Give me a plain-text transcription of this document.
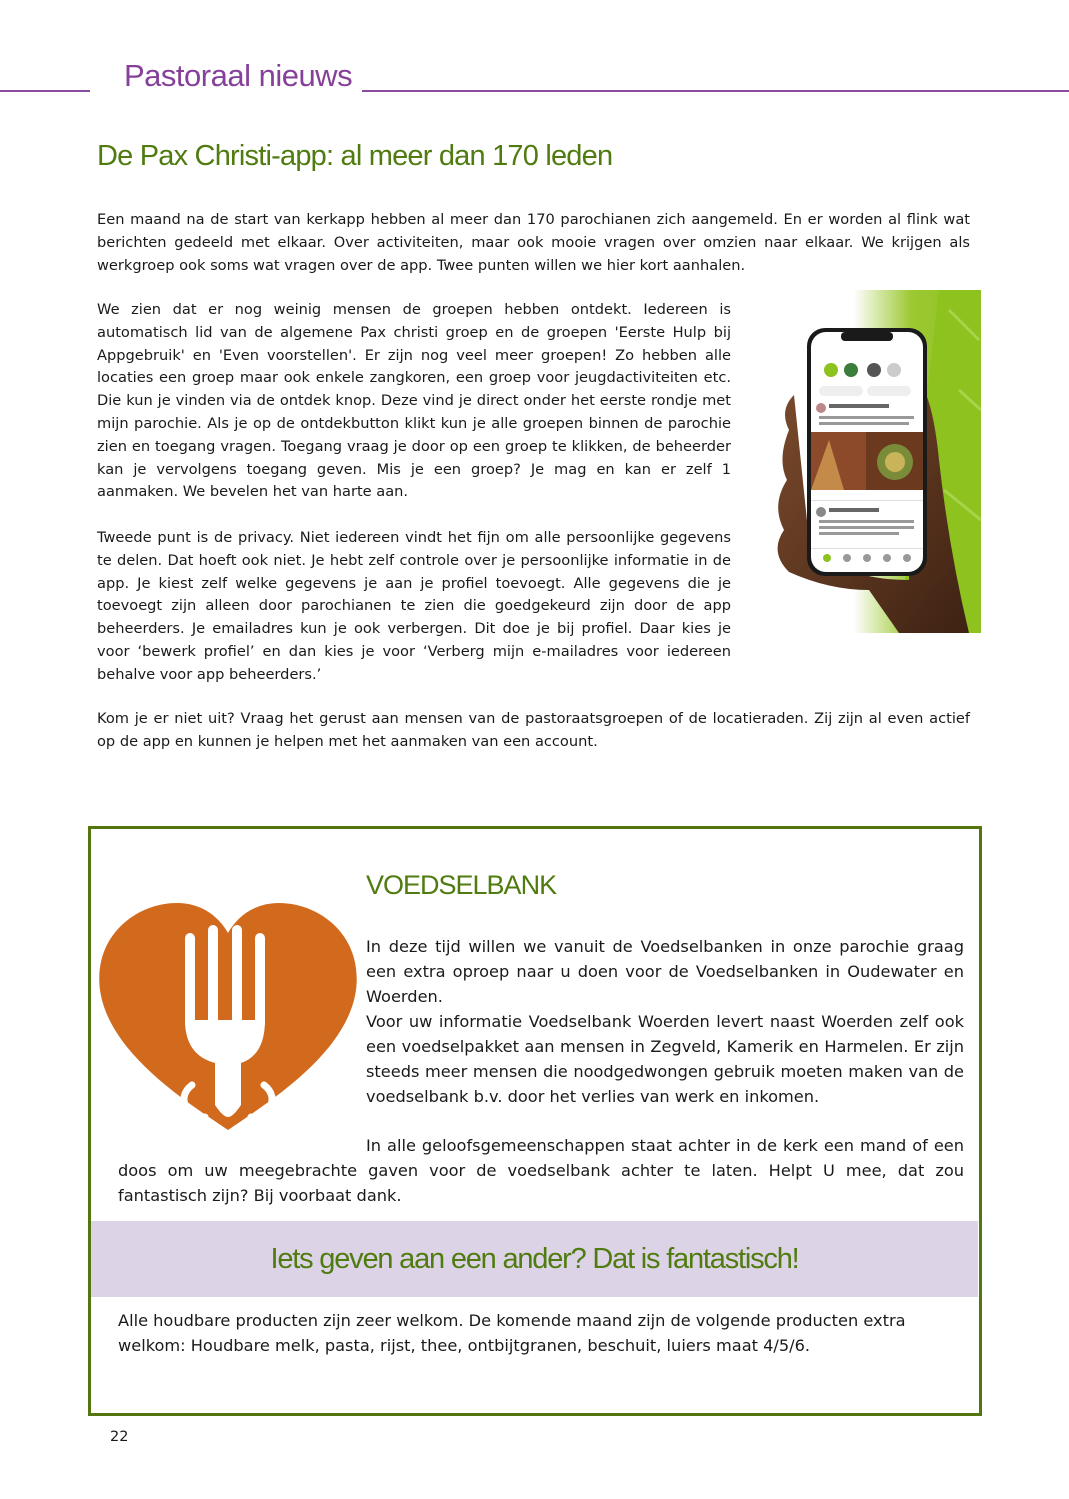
Pastoraal nieuws
De Pax Christi-app: al meer dan 170 leden

Een maand na de start van kerkapp hebben al meer dan 170 parochianen zich aangemeld. En er worden al flink wat berichten gedeeld met elkaar. Over activiteiten, maar ook mooie vragen over omzien naar elkaar. We krijgen als werkgroep ook soms wat vragen over de app. Twee punten willen we hier kort aanhalen.

We zien dat er nog weinig mensen de groepen hebben ontdekt. Iedereen is automatisch lid van de algemene Pax christi groep en de groepen 'Eerste Hulp bij Appgebruik' en 'Even voorstellen'. Er zijn nog veel meer groepen! Zo hebben alle locaties een groep maar ook enkele zangkoren, een groep voor jeugdactiviteiten etc. Die kun je vinden via de ontdek knop. Deze vind je direct onder het eerste rondje met mijn parochie. Als je op de ontdekbutton klikt kun je alle groepen binnen de parochie zien en toegang vragen. Toegang vraag je door op een groep te klikken, de beheerder kan je vervolgens toegang geven. Mis je een groep? Je mag en kan er zelf 1 aanmaken. We bevelen het van harte aan.

Tweede punt is de privacy. Niet iedereen vindt het fijn om alle persoonlijke gegevens te delen. Dat hoeft ook niet. Je hebt zelf controle over je persoonlijke informatie in de app. Je kiest zelf welke gegevens je aan je profiel toevoegt. Alle gegevens die je toevoegt zijn alleen door parochianen te zien die goedgekeurd zijn door de app beheerders. Je emailadres kun je ook verbergen. Dit doe je bij profiel. Daar kies je voor ‘bewerk profiel’ en dan kies je voor ‘Verberg mijn e-mailadres voor iedereen behalve voor app beheerders.’

Kom je er niet uit? Vraag het gerust aan mensen van de pastoraatsgroepen of de locatieraden. Zij zijn al even actief op de app en kunnen je helpen met het aanmaken van een account.

VOEDSELBANK

In deze tijd willen we vanuit de Voedselbanken in onze parochie graag een extra oproep naar u doen voor de Voedselbanken in Oudewater en Woerden.

Voor uw informatie Voedselbank Woerden levert naast Woerden zelf ook een voedselpakket aan mensen in Zegveld, Kamerik en Harmelen. Er zijn steeds meer mensen die noodgedwongen gebruik moeten maken van de voedselbank b.v. door het verlies van werk en inkomen.

In alle geloofsgemeenschappen staat achter in de kerk een mand of een

doos om uw meegebrachte gaven voor de voedselbank achter te laten. Helpt U mee, dat zou fantastisch zijn? Bij voorbaat dank.

Iets geven aan een ander? Dat is fantastisch!

Alle houdbare producten zijn zeer welkom. De komende maand zijn de volgende producten extra welkom: Houdbare melk, pasta, rijst, thee, ontbijtgranen, beschuit, luiers maat 4/5/6.

22
